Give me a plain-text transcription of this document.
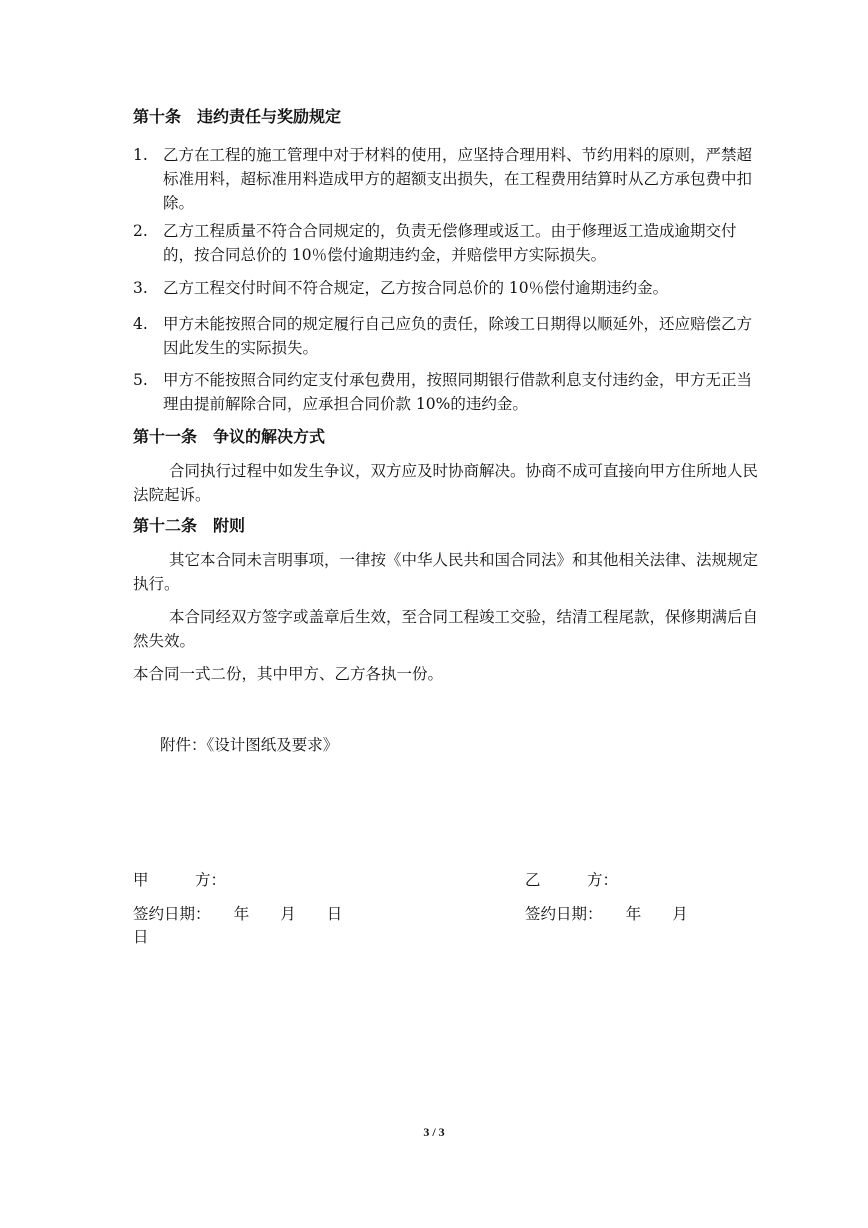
第十条　违约责任与奖励规定
1. 乙方在工程的施工管理中对于材料的使用，应坚持合理用料、节约用料的原则，严禁超标准用料，超标准用料造成甲方的超额支出损失，在工程费用结算时从乙方承包费中扣除。
2. 乙方工程质量不符合合同规定的，负责无偿修理或返工。由于修理返工造成逾期交付的，按合同总价的 10％偿付逾期违约金，并赔偿甲方实际损失。
3. 乙方工程交付时间不符合规定，乙方按合同总价的 10％偿付逾期违约金。
4. 甲方未能按照合同的规定履行自己应负的责任，除竣工日期得以顺延外，还应赔偿乙方因此发生的实际损失。
5. 甲方不能按照合同约定支付承包费用，按照同期银行借款利息支付违约金，甲方无正当理由提前解除合同，应承担合同价款 10%的违约金。
第十一条　争议的解决方式
合同执行过程中如发生争议，双方应及时协商解决。协商不成可直接向甲方住所地人民法院起诉。
第十二条　附则
其它本合同未言明事项，一律按《中华人民共和国合同法》和其他相关法律、法规规定执行。
本合同经双方签字或盖章后生效，至合同工程竣工交验，结清工程尾款，保修期满后自然失效。
本合同一式二份，其中甲方、乙方各执一份。
附件：《设计图纸及要求》
甲　　　方：	乙　　　方：
签约日期：　　年　　月　　日	签约日期：　　年　　月
日
3 / 3
